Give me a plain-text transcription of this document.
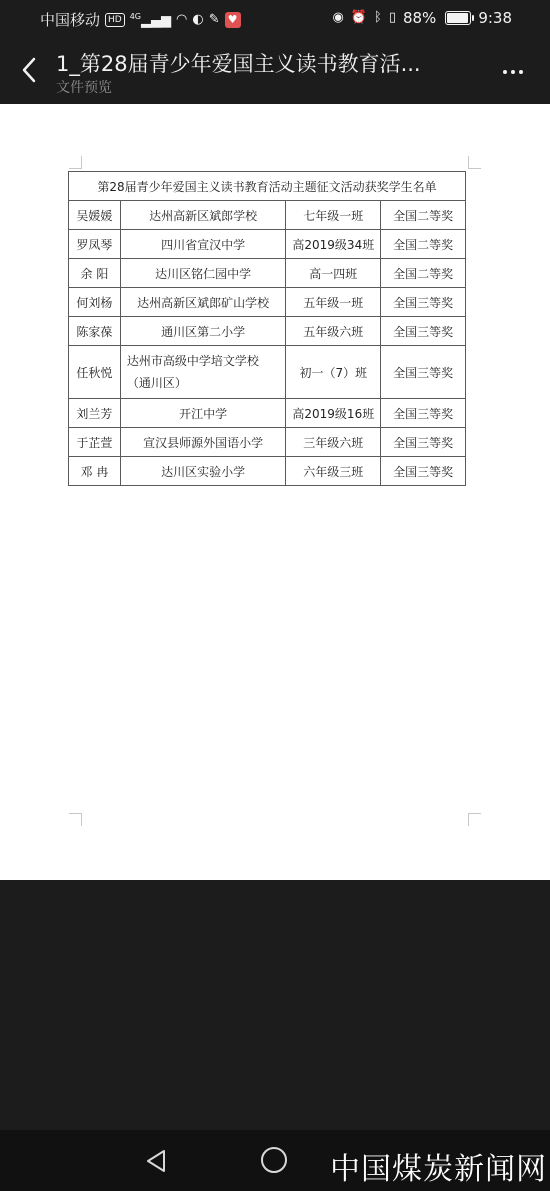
中国移动 HD	$^{4G}$▂▄▆ ◠ ◐ ✎ ♥	◉ ⏰ ᛒ ▯ 88%	9:38
1_第28届青少年爱国主义读书教育活...
文件预览
第28届青少年爱国主义读书教育活动主题征文活动获奖学生名单			
吴媛媛	达州高新区斌郎学校	七年级一班	全国二等奖
罗凤琴	四川省宣汉中学	高2019级34班	全国二等奖
余 阳	达川区铭仁园中学	高一四班	全国二等奖
何刘杨	达州高新区斌郎矿山学校	五年级一班	全国三等奖
陈家葆	通川区第二小学	五年级六班	全国三等奖
任秋悦	达州市高级中学培文学校（通川区）	初一（7）班	全国三等奖
刘兰芳	开江中学	高2019级16班	全国三等奖
于芷萱	宣汉县师源外国语小学	三年级六班	全国三等奖
邓 冉	达川区实验小学	六年级三班	全国三等奖
中国煤炭新闻网
